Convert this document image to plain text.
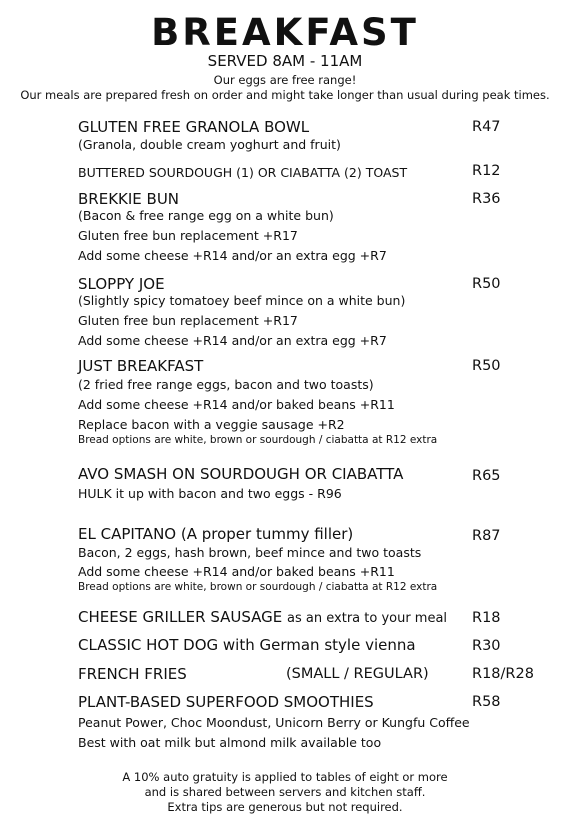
BREAKFAST
SERVED 8AM - 11AM
Our eggs are free range!
Our meals are prepared fresh on order and might take longer than usual during peak times.
GLUTEN FREE GRANOLA BOWL	R47
(Granola, double cream yoghurt and fruit)
BUTTERED SOURDOUGH (1) OR CIABATTA (2) TOAST	R12
BREKKIE BUN	R36
(Bacon & free range egg on a white bun)
Gluten free bun replacement +R17
Add some cheese +R14 and/or an extra egg +R7
SLOPPY JOE	R50
(Slightly spicy tomatoey beef mince on a white bun)
Gluten free bun replacement +R17
Add some cheese +R14 and/or an extra egg +R7
JUST BREAKFAST	R50
(2 fried free range eggs, bacon and two toasts)
Add some cheese +R14 and/or baked beans +R11
Replace bacon with a veggie sausage +R2
Bread options are white, brown or sourdough / ciabatta at R12 extra
AVO SMASH ON SOURDOUGH OR CIABATTA	R65
HULK it up with bacon and two eggs - R96
EL CAPITANO (A proper tummy filler)	R87
Bacon, 2 eggs, hash brown, beef mince and two toasts
Add some cheese +R14 and/or baked beans +R11
Bread options are white, brown or sourdough / ciabatta at R12 extra
CHEESE GRILLER SAUSAGE as an extra to your meal R18
CLASSIC HOT DOG with German style vienna	R30
FRENCH FRIES	(SMALL / REGULAR)	R18/R28
PLANT-BASED SUPERFOOD SMOOTHIES	R58
Peanut Power, Choc Moondust, Unicorn Berry or Kungfu Coffee
Best with oat milk but almond milk available too
A 10% auto gratuity is applied to tables of eight or more
and is shared between servers and kitchen staff.
Extra tips are generous but not required.
